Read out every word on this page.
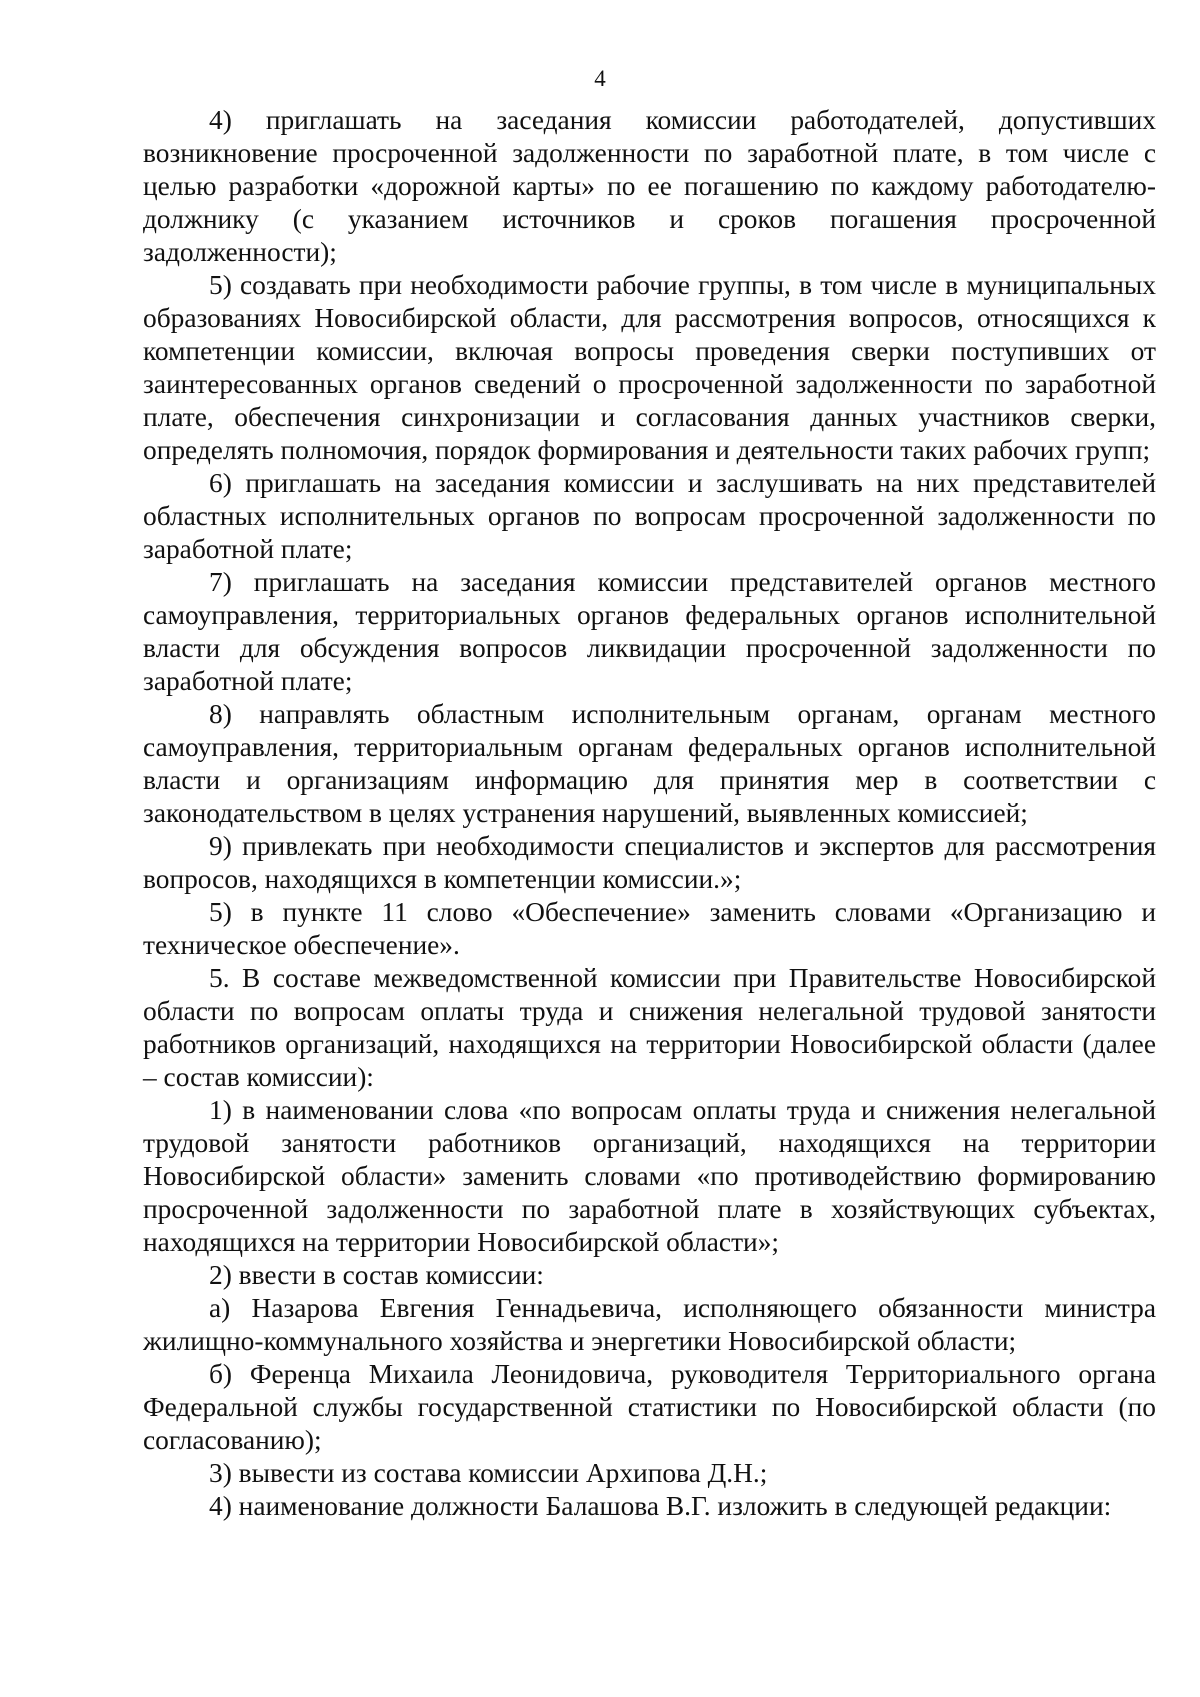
4

4) приглашать на заседания комиссии работодателей, допустивших возникновение просроченной задолженности по заработной плате, в том числе с целью разработки «дорожной карты» по ее погашению по каждому работодателю-должнику (с указанием источников и сроков погашения просроченной задолженности);

5) создавать при необходимости рабочие группы, в том числе в муниципальных образованиях Новосибирской области, для рассмотрения вопросов, относящихся к компетенции комиссии, включая вопросы проведения сверки поступивших от заинтересованных органов сведений о просроченной задолженности по заработной плате, обеспечения синхронизации и согласования данных участников сверки, определять полномочия, порядок формирования и деятельности таких рабочих групп;

6) приглашать на заседания комиссии и заслушивать на них представителей областных исполнительных органов по вопросам просроченной задолженности по заработной плате;

7) приглашать на заседания комиссии представителей органов местного самоуправления, территориальных органов федеральных органов исполнительной власти для обсуждения вопросов ликвидации просроченной задолженности по заработной плате;

8) направлять областным исполнительным органам, органам местного самоуправления, территориальным органам федеральных органов исполнительной власти и организациям информацию для принятия мер в соответствии с законодательством в целях устранения нарушений, выявленных комиссией;

9) привлекать при необходимости специалистов и экспертов для рассмотрения вопросов, находящихся в компетенции комиссии.»;

5) в пункте 11 слово «Обеспечение» заменить словами «Организацию и техническое обеспечение».

5. В составе межведомственной комиссии при Правительстве Новосибирской области по вопросам оплаты труда и снижения нелегальной трудовой занятости работников организаций, находящихся на территории Новосибирской области (далее – состав комиссии):

1) в наименовании слова «по вопросам оплаты труда и снижения нелегальной трудовой занятости работников организаций, находящихся на территории Новосибирской области» заменить словами «по противодействию формированию просроченной задолженности по заработной плате в хозяйствующих субъектах, находящихся на территории Новосибирской области»;

2) ввести в состав комиссии:

а) Назарова Евгения Геннадьевича, исполняющего обязанности министра жилищно-коммунального хозяйства и энергетики Новосибирской области;

б) Ференца Михаила Леонидовича, руководителя Территориального органа Федеральной службы государственной статистики по Новосибирской области (по согласованию);

3) вывести из состава комиссии Архипова Д.Н.;

4) наименование должности Балашова В.Г. изложить в следующей редакции:
